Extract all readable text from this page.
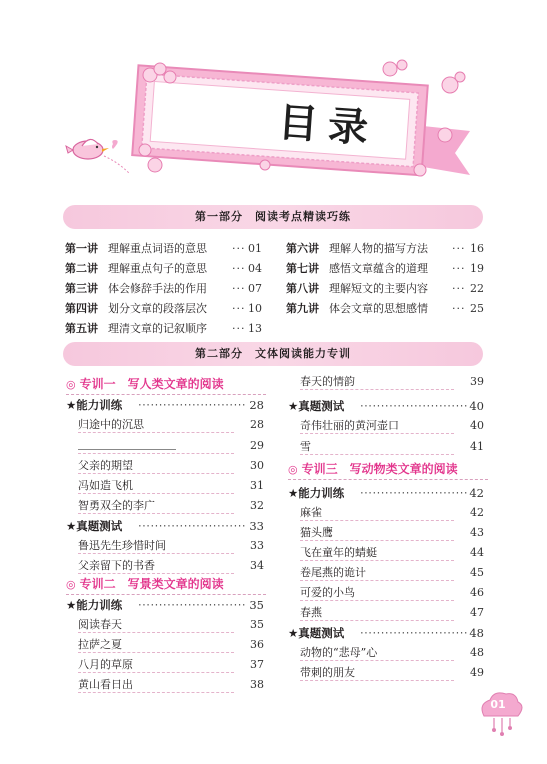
目录
第一部分　阅读考点精读巧练
第一讲 理解重点词语的意思 ··· 01
第二讲 理解重点句子的意思 ··· 04
第三讲 体会修辞手法的作用 ··· 07
第四讲 划分文章的段落层次 ··· 10
第五讲 理清文章的记叙顺序 ··· 13
第六讲 理解人物的描写方法 ··· 16
第七讲 感悟文章蕴含的道理 ··· 19
第八讲 理解短文的主要内容 ··· 22
第九讲 体会文章的思想感情 ··· 25
第二部分　文体阅读能力专训
◎ 专训一　 写人类文章的阅读
★能力训练 ·························· 28
归途中的沉思	28
29
父亲的期望	30
冯如造飞机	31
智勇双全的李广	32
★真题测试 ·························· 33
鲁迅先生珍惜时间	33
父亲留下的书香	34
◎ 专训二　 写景类文章的阅读
★能力训练 ·························· 35
阅读春天	35
拉萨之夏	36
八月的草原	37
黄山看日出	38
春天的情韵	39
★真题测试 ·························· 40
奇伟壮丽的黄河壶口	40
雪	41
◎ 专训三　 写动物类文章的阅读
★能力训练 ·························· 42
麻雀	42
猫头鹰	43
飞在童年的蜻蜓	44
卷尾燕的诡计	45
可爱的小鸟	46
春燕	47
★真题测试 ·························· 48
动物的“悲母”心	48
带刺的朋友	49
01
